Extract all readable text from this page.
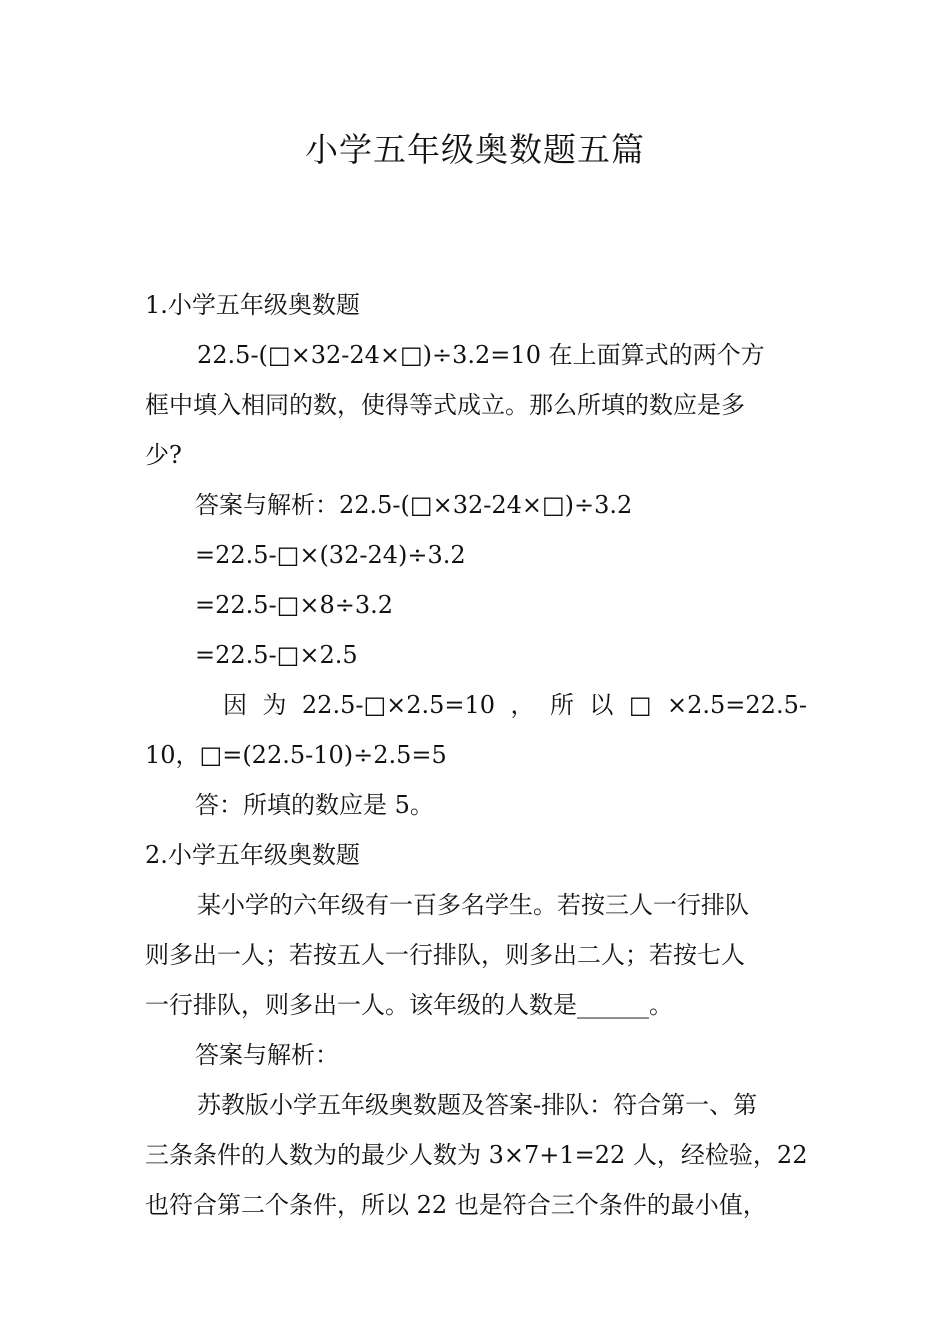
小学五年级奥数题五篇
1.小学五年级奥数题
22.5-(□×32-24×□)÷3.2=10 在上面算式的两个方
框中填入相同的数，使得等式成立。那么所填的数应是多
少?
答案与解析：22.5-(□×32-24×□)÷3.2
=22.5-□×(32-24)÷3.2
=22.5-□×8÷3.2
=22.5-□×2.5
因 为 22.5-□×2.5=10 ， 所 以 □ ×2.5=22.5-
10，□=(22.5-10)÷2.5=5
答：所填的数应是 5。
2.小学五年级奥数题
某小学的六年级有一百多名学生。若按三人一行排队
则多出一人；若按五人一行排队，则多出二人；若按七人
一行排队，则多出一人。该年级的人数是______。
答案与解析：
苏教版小学五年级奥数题及答案-排队：符合第一、第
三条条件的人数为的最少人数为 3×7+1=22 人，经检验，22
也符合第二个条件，所以 22 也是符合三个条件的最小值，
